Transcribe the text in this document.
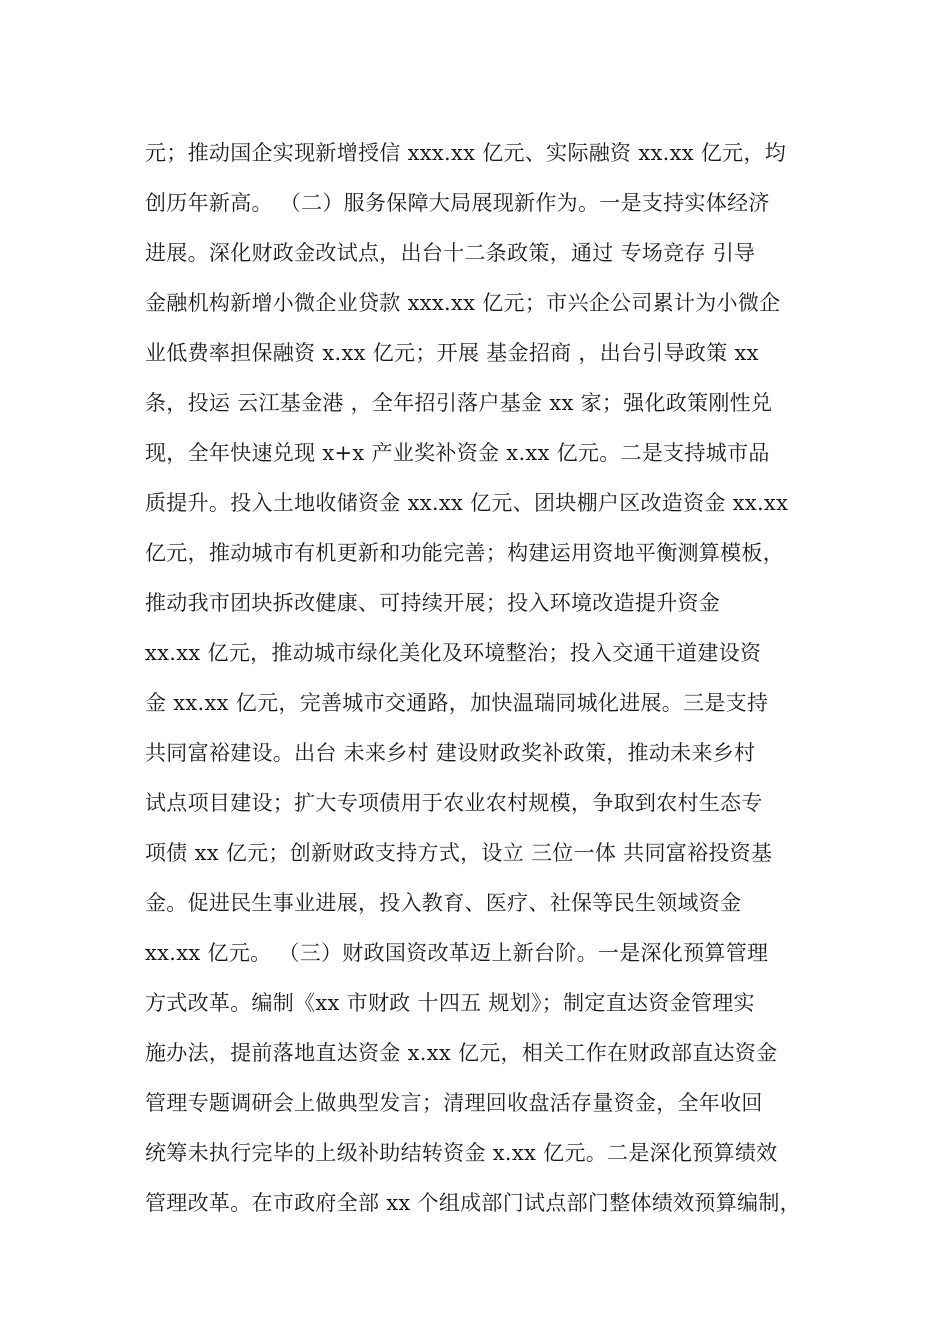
元；推动国企实现新增授信 xxx.xx 亿元、实际融资 xx.xx 亿元，均
创历年新高。 （二）服务保障大局展现新作为。一是支持实体经济
进展。深化财政金改试点，出台十二条政策，通过 专场竞存 引导
金融机构新增小微企业贷款 xxx.xx 亿元；市兴企公司累计为小微企
业低费率担保融资 x.xx 亿元；开展 基金招商 ，出台引导政策 xx
条，投运 云江基金港 ，全年招引落户基金 xx 家；强化政策刚性兑
现，全年快速兑现 x+x 产业奖补资金 x.xx 亿元。二是支持城市品
质提升。投入土地收储资金 xx.xx 亿元、团块棚户区改造资金 xx.xx
亿元，推动城市有机更新和功能完善；构建运用资地平衡测算模板，
推动我市团块拆改健康、可持续开展；投入环境改造提升资金
xx.xx 亿元，推动城市绿化美化及环境整治；投入交通干道建设资
金 xx.xx 亿元，完善城市交通路，加快温瑞同城化进展。三是支持
共同富裕建设。出台 未来乡村 建设财政奖补政策，推动未来乡村
试点项目建设；扩大专项债用于农业农村规模，争取到农村生态专
项债 xx 亿元；创新财政支持方式，设立 三位一体 共同富裕投资基
金。促进民生事业进展，投入教育、医疗、社保等民生领域资金
xx.xx 亿元。 （三）财政国资改革迈上新台阶。一是深化预算管理
方式改革。编制《xx 市财政 十四五 规划》；制定直达资金管理实
施办法，提前落地直达资金 x.xx 亿元，相关工作在财政部直达资金
管理专题调研会上做典型发言；清理回收盘活存量资金，全年收回
统筹未执行完毕的上级补助结转资金 x.xx 亿元。二是深化预算绩效
管理改革。在市政府全部 xx 个组成部门试点部门整体绩效预算编制，
